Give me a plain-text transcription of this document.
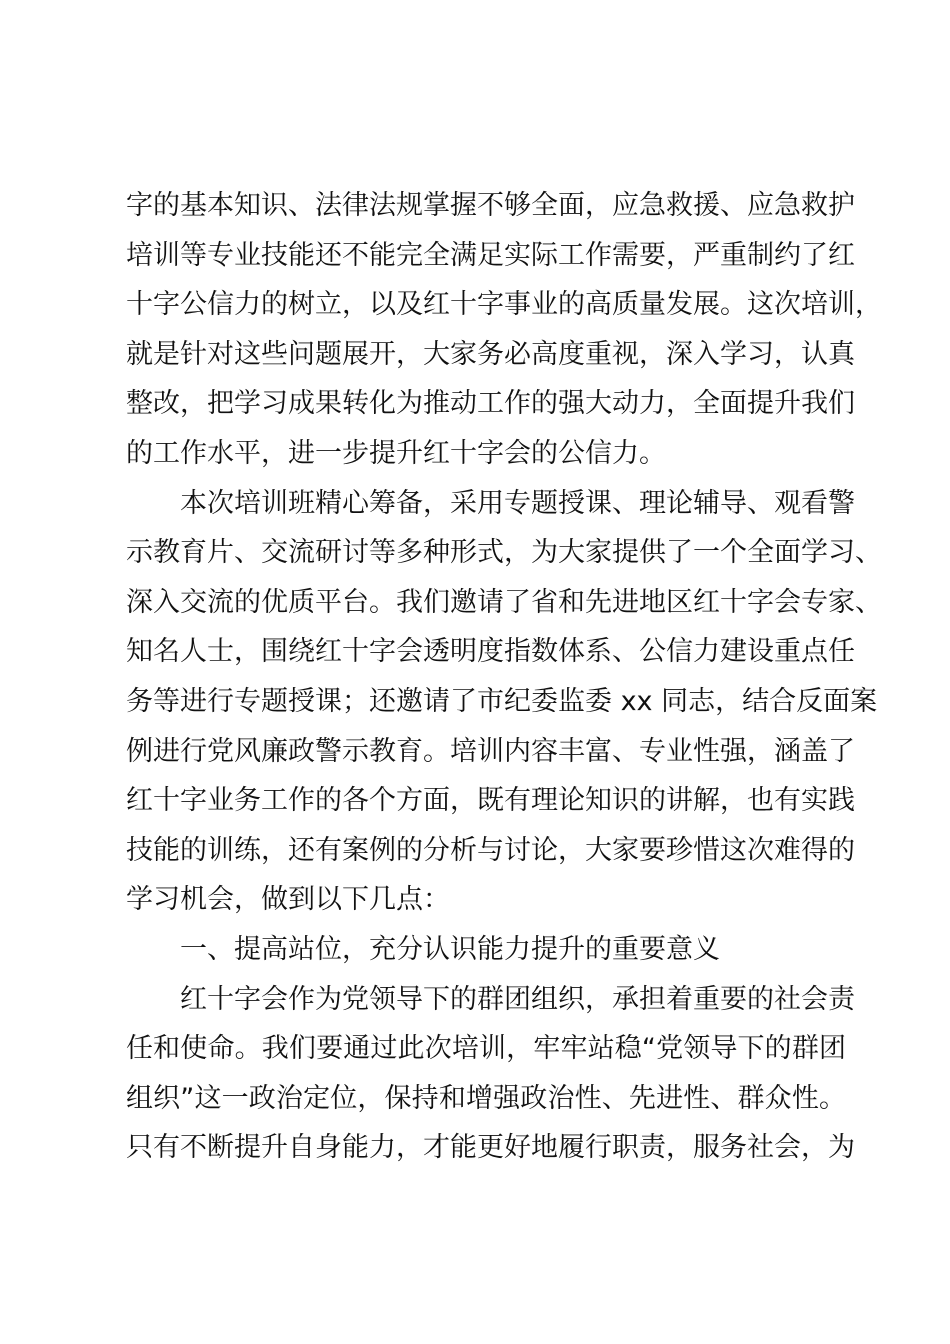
字的基本知识、法律法规掌握不够全面，应急救援、应急救护
培训等专业技能还不能完全满足实际工作需要，严重制约了红
十字公信力的树立，以及红十字事业的高质量发展。这次培训，
就是针对这些问题展开，大家务必高度重视，深入学习，认真
整改，把学习成果转化为推动工作的强大动力，全面提升我们
的工作水平，进一步提升红十字会的公信力。
本次培训班精心筹备，采用专题授课、理论辅导、观看警
示教育片、交流研讨等多种形式，为大家提供了一个全面学习、
深入交流的优质平台。我们邀请了省和先进地区红十字会专家、
知名人士，围绕红十字会透明度指数体系、公信力建设重点任
务等进行专题授课；还邀请了市纪委监委 xx 同志，结合反面案
例进行党风廉政警示教育。培训内容丰富、专业性强，涵盖了
红十字业务工作的各个方面，既有理论知识的讲解，也有实践
技能的训练，还有案例的分析与讨论，大家要珍惜这次难得的
学习机会，做到以下几点：
一、提高站位，充分认识能力提升的重要意义
红十字会作为党领导下的群团组织，承担着重要的社会责
任和使命。我们要通过此次培训，牢牢站稳“党领导下的群团
组织”这一政治定位，保持和增强政治性、先进性、群众性。
只有不断提升自身能力，才能更好地履行职责，服务社会，为
